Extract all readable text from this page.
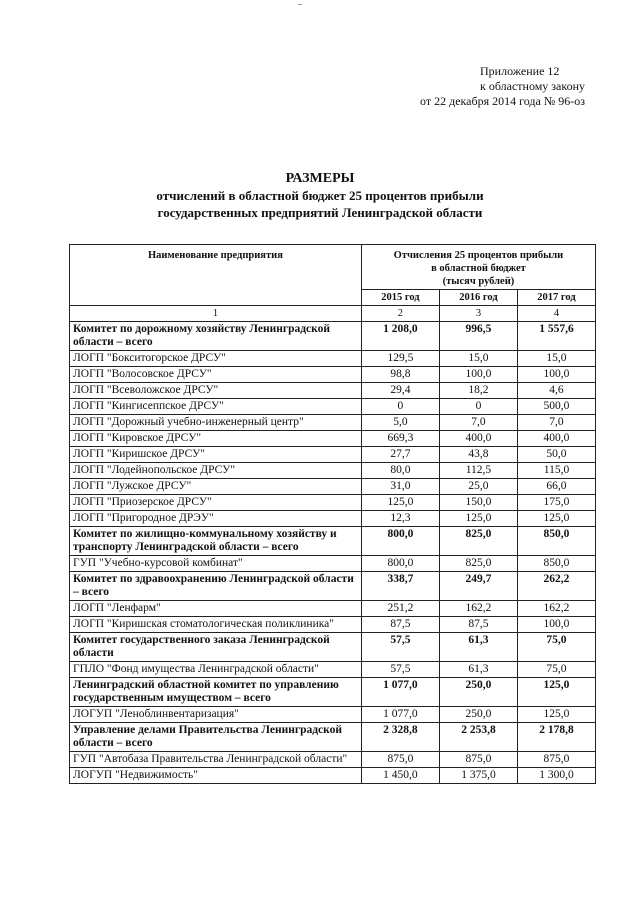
Приложение 12
к областному закону
от 22 декабря 2014 года № 96-оз
РАЗМЕРЫ
отчислений в областной бюджет 25 процентов прибыли
государственных предприятий Ленинградской области
Наименование предприятия	Отчисления 25 процентов прибыли
в областной бюджет
(тысяч рублей)		

	2015 год	2016 год	2017 год
1	2	3	4
Комитет по дорожному хозяйству Ленинградской области – всего	1 208,0	996,5	1 557,6
ЛОГП "Бокситогорское ДРСУ"	129,5	15,0	15,0
ЛОГП "Волосовское ДРСУ"	98,8	100,0	100,0
ЛОГП "Всеволожское ДРСУ"	29,4	18,2	4,6
ЛОГП "Кингисеппское ДРСУ"	0	0	500,0
ЛОГП "Дорожный учебно-инженерный центр"	5,0	7,0	7,0
ЛОГП "Кировское ДРСУ"	669,3	400,0	400,0
ЛОГП "Киришское ДРСУ"	27,7	43,8	50,0
ЛОГП "Лодейнопольское ДРСУ"	80,0	112,5	115,0
ЛОГП "Лужское ДРСУ"	31,0	25,0	66,0
ЛОГП "Приозерское ДРСУ"	125,0	150,0	175,0
ЛОГП "Пригородное ДРЭУ"	12,3	125,0	125,0
Комитет по жилищно-коммунальному хозяйству и транспорту Ленинградской области – всего	800,0	825,0	850,0
ГУП "Учебно-курсовой комбинат"	800,0	825,0	850,0
Комитет по здравоохранению Ленинградской области – всего	338,7	249,7	262,2
ЛОГП "Ленфарм"	251,2	162,2	162,2
ЛОГП "Киришская стоматологическая поликлиника"	87,5	87,5	100,0
Комитет государственного заказа Ленинградской области	57,5	61,3	75,0
ГПЛО "Фонд имущества Ленинградской области"	57,5	61,3	75,0
Ленинградский областной комитет по управлению государственным имуществом – всего	1 077,0	250,0	125,0
ЛОГУП "Леноблинвентаризация"	1 077,0	250,0	125,0
Управление делами Правительства Ленинградской области – всего	2 328,8	2 253,8	2 178,8
ГУП "Автобаза Правительства Ленинградской области"	875,0	875,0	875,0
ЛОГУП "Недвижимость"	1 450,0	1 375,0	1 300,0
